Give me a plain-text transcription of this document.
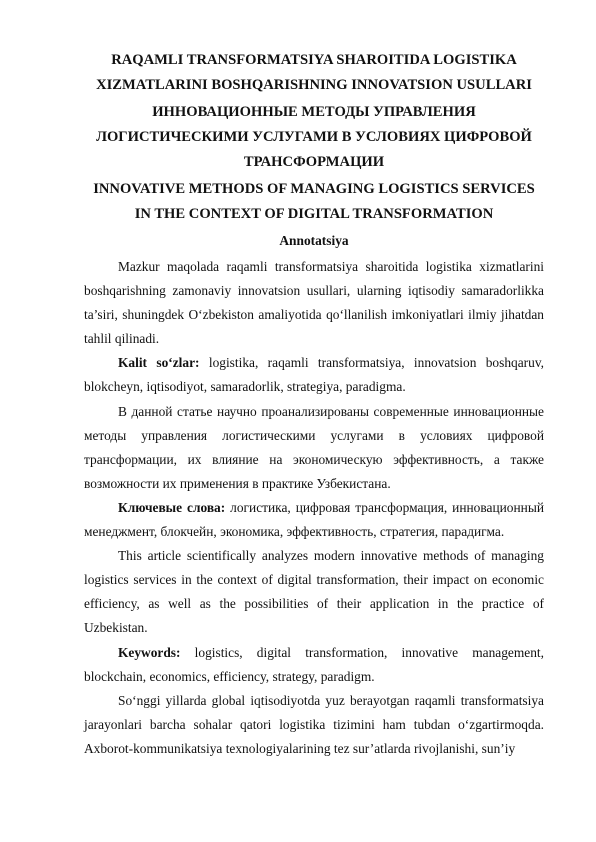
RAQAMLI TRANSFORMATSIYA SHAROITIDA LOGISTIKA XIZMATLARINI BOSHQARISHNING INNOVATSION USULLARI
ИННОВАЦИОННЫЕ МЕТОДЫ УПРАВЛЕНИЯ ЛОГИСТИЧЕСКИМИ УСЛУГАМИ В УСЛОВИЯХ ЦИФРОВОЙ ТРАНСФОРМАЦИИ
INNOVATIVE METHODS OF MANAGING LOGISTICS SERVICES IN THE CONTEXT OF DIGITAL TRANSFORMATION
Annotatsiya

Mazkur maqolada raqamli transformatsiya sharoitida logistika xizmatlarini boshqarishning zamonaviy innovatsion usullari, ularning iqtisodiy samaradorlikka ta’siri, shuningdek O‘zbekiston amaliyotida qo‘llanilish imkoniyatlari ilmiy jihatdan tahlil qilinadi.

Kalit so‘zlar: logistika, raqamli transformatsiya, innovatsion boshqaruv, blokcheyn, iqtisodiyot, samaradorlik, strategiya, paradigma.

В данной статье научно проанализированы современные инновационные методы управления логистическими услугами в условиях цифровой трансформации, их влияние на экономическую эффективность, а также возможности их применения в практике Узбекистана.

Ключевые слова: логистика, цифровая трансформация, инновационный менеджмент, блокчейн, экономика, эффективность, стратегия, парадигма.

This article scientifically analyzes modern innovative methods of managing logistics services in the context of digital transformation, their impact on economic efficiency, as well as the possibilities of their application in the practice of Uzbekistan.

Keywords: logistics, digital transformation, innovative management, blockchain, economics, efficiency, strategy, paradigm.

So‘nggi yillarda global iqtisodiyotda yuz berayotgan raqamli transformatsiya jarayonlari barcha sohalar qatori logistika tizimini ham tubdan o‘zgartirmoqda. Axborot-kommunikatsiya texnologiyalarining tez sur’atlarda rivojlanishi, sun’iy
